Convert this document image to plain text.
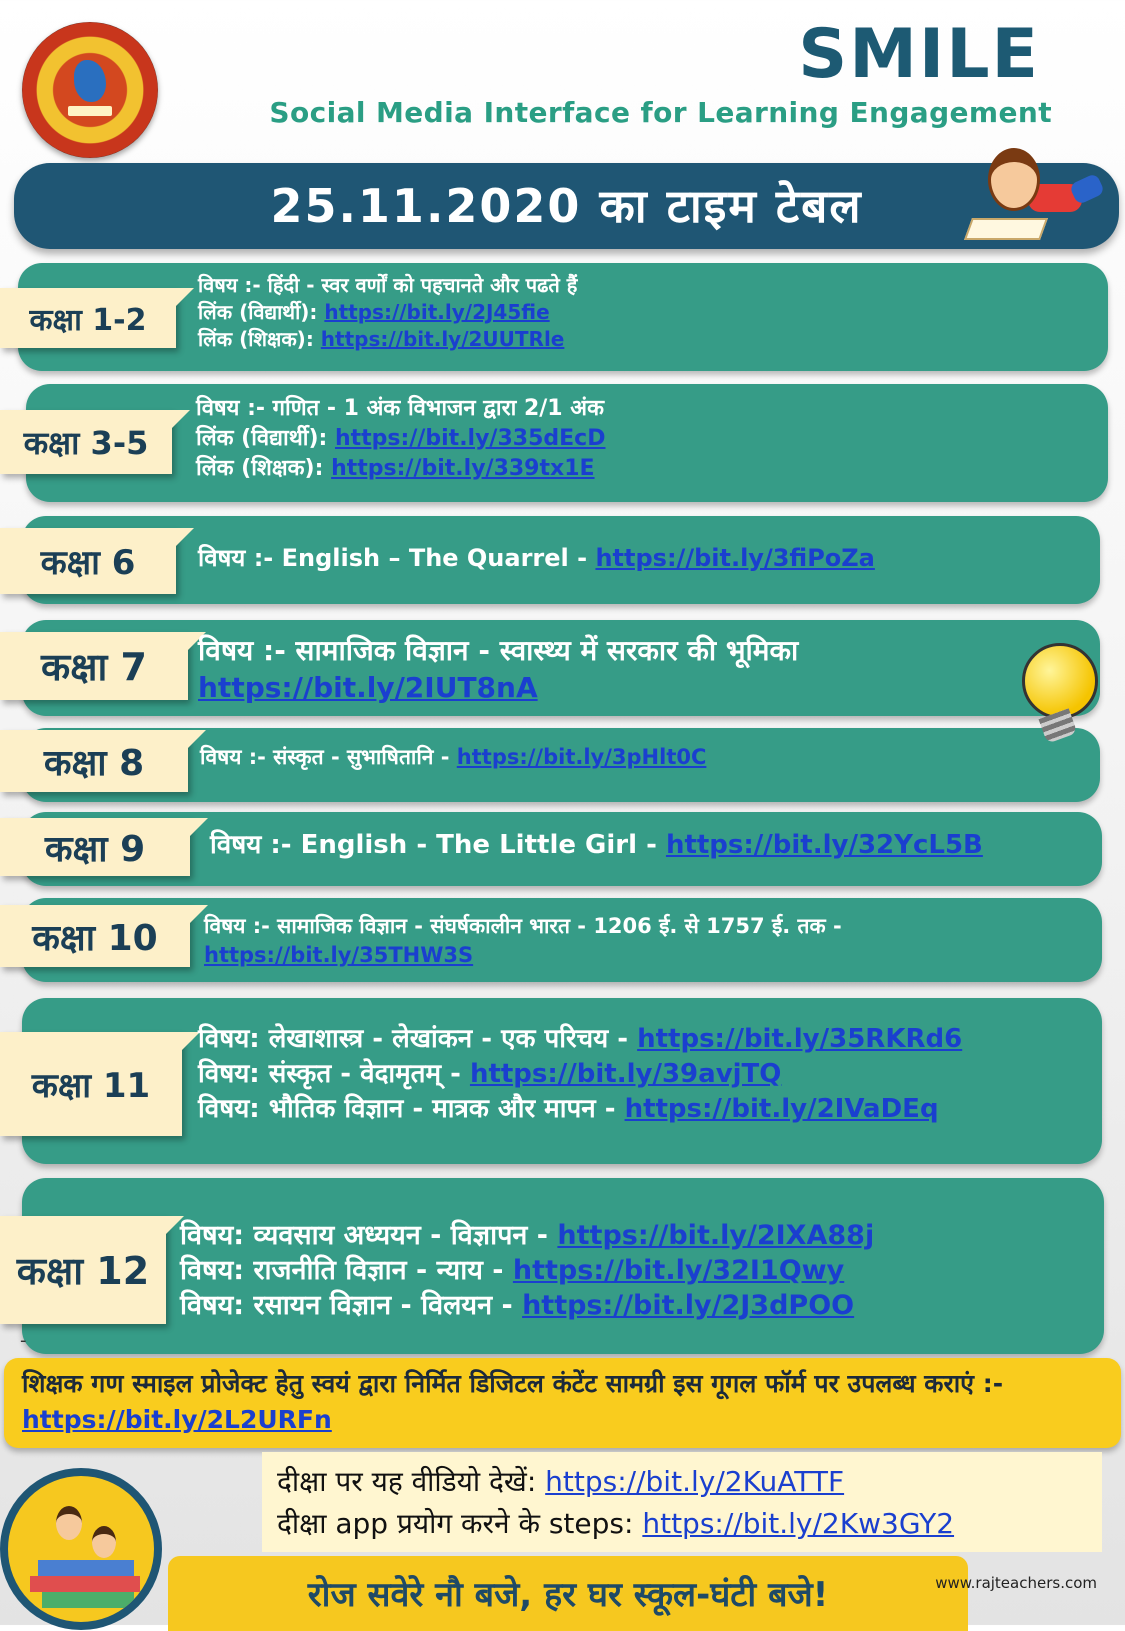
SMILE
Social Media Interface for Learning Engagement
25.11.2020 का टाइम टेबल
कक्षा 1-2
विषय :- हिंदी - स्वर वर्णों को पहचानते और पढते हैं
लिंक (विद्यार्थी): https://bit.ly/2J45fie
लिंक (शिक्षक): https://bit.ly/2UUTRle
कक्षा 3-5
विषय :- गणित - 1 अंक विभाजन द्वारा 2/1 अंक
लिंक (विद्यार्थी): https://bit.ly/335dEcD
लिंक (शिक्षक): https://bit.ly/339tx1E
कक्षा 6	विषय :- English – The Quarrel - https://bit.ly/3fiPoZa
कक्षा 7	विषय :- सामाजिक विज्ञान - स्वास्थ्य में सरकार की भूमिका
https://bit.ly/2IUT8nA
कक्षा 8	विषय :- संस्कृत - सुभाषितानि - https://bit.ly/3pHlt0C
कक्षा 9	विषय :- English - The Little Girl - https://bit.ly/32YcL5B
कक्षा 10	विषय :- सामाजिक विज्ञान - संघर्षकालीन भारत - 1206 ई. से 1757 ई. तक -
https://bit.ly/35THW3S
कक्षा 11
विषय: लेखाशास्त्र - लेखांकन - एक परिचय - https://bit.ly/35RKRd6
विषय: संस्कृत - वेदामृतम् - https://bit.ly/39avjTQ
विषय: भौतिक विज्ञान - मात्रक और मापन - https://bit.ly/2IVaDEq
कक्षा 12
विषय: व्यवसाय अध्ययन - विज्ञापन - https://bit.ly/2IXA88j
विषय: राजनीति विज्ञान - न्याय - https://bit.ly/32I1Qwy
विषय: रसायन विज्ञान - विलयन - https://bit.ly/2J3dPOO
-
शिक्षक गण स्माइल प्रोजेक्ट हेतु स्वयं द्वारा निर्मित डिजिटल कंटेंट सामग्री इस गूगल फॉर्म पर उपलब्ध कराएं :- https://bit.ly/2L2URFn
दीक्षा पर यह वीडियो देखें: https://bit.ly/2KuATTF
दीक्षा app प्रयोग करने के steps: https://bit.ly/2Kw3GY2
रोज सवेरे नौ बजे, हर घर स्कूल-घंटी बजे!	www.rajteachers.com
